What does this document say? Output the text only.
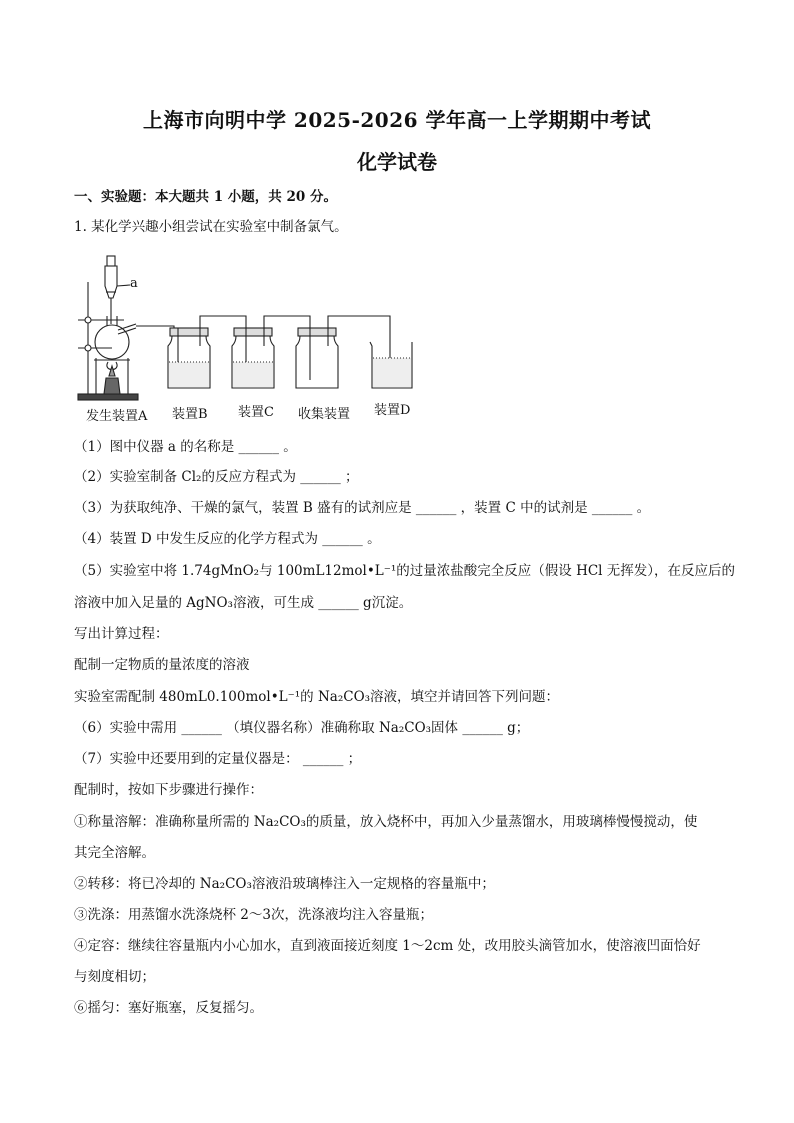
上海市向明中学 2025-2026 学年高一上学期期中考试
化学试卷
一、实验题：本大题共 1 小题，共 20 分。
1. 某化学兴趣小组尝试在实验室中制备氯气。
a
发生装置A 装置B 装置C 收集装置 装置D
（1）图中仪器 a 的名称是 ______ 。
（2）实验室制备 Cl₂的反应方程式为 ______ ；
（3）为获取纯净、干燥的氯气，装置 B 盛有的试剂应是 ______ ，装置 C 中的试剂是 ______ 。
（4）装置 D 中发生反应的化学方程式为 ______ 。
（5）实验室中将 1.74gMnO₂与 100mL12mol•L⁻¹的过量浓盐酸完全反应（假设 HCl 无挥发），在反应后的
溶液中加入足量的 AgNO₃溶液，可生成 ______ g沉淀。
写出计算过程：
配制一定物质的量浓度的溶液
实验室需配制 480mL0.100mol•L⁻¹的 Na₂CO₃溶液，填空并请回答下列问题：
（6）实验中需用 ______ （填仪器名称）准确称取 Na₂CO₃固体 ______ g；
（7）实验中还要用到的定量仪器是： ______ ；
配制时，按如下步骤进行操作：
①称量溶解：准确称量所需的 Na₂CO₃的质量，放入烧杯中，再加入少量蒸馏水，用玻璃棒慢慢搅动，使
其完全溶解。
②转移：将已冷却的 Na₂CO₃溶液沿玻璃棒注入一定规格的容量瓶中；
③洗涤：用蒸馏水洗涤烧杯 2～3次，洗涤液均注入容量瓶；
④定容：继续往容量瓶内小心加水，直到液面接近刻度 1～2cm 处，改用胶头滴管加水，使溶液凹面恰好
与刻度相切；
⑥摇匀：塞好瓶塞，反复摇匀。
